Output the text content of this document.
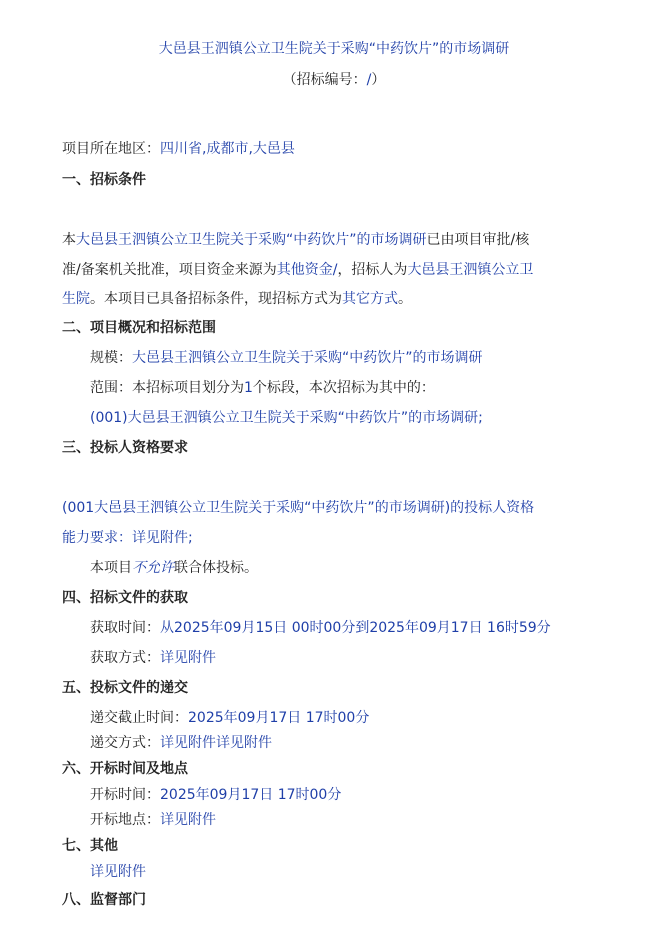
大邑县王泗镇公立卫生院关于采购“中药饮片”的市场调研
（招标编号：/）
项目所在地区：四川省,成都市,大邑县
一、招标条件
本大邑县王泗镇公立卫生院关于采购“中药饮片”的市场调研已由项目审批/核
准/备案机关批准，项目资金来源为其他资金/，招标人为大邑县王泗镇公立卫
生院。本项目已具备招标条件，现招标方式为其它方式。
二、项目概况和招标范围
规模：大邑县王泗镇公立卫生院关于采购“中药饮片”的市场调研
范围：本招标项目划分为1个标段，本次招标为其中的：
(001)大邑县王泗镇公立卫生院关于采购“中药饮片”的市场调研;
三、投标人资格要求
(001大邑县王泗镇公立卫生院关于采购“中药饮片”的市场调研)的投标人资格
能力要求：详见附件;
本项目不允许联合体投标。
四、招标文件的获取
获取时间：从2025年09月15日 00时00分到2025年09月17日 16时59分
获取方式：详见附件
五、投标文件的递交
递交截止时间：2025年09月17日 17时00分
递交方式：详见附件详见附件
六、开标时间及地点
开标时间：2025年09月17日 17时00分
开标地点：详见附件
七、其他
详见附件
八、监督部门
